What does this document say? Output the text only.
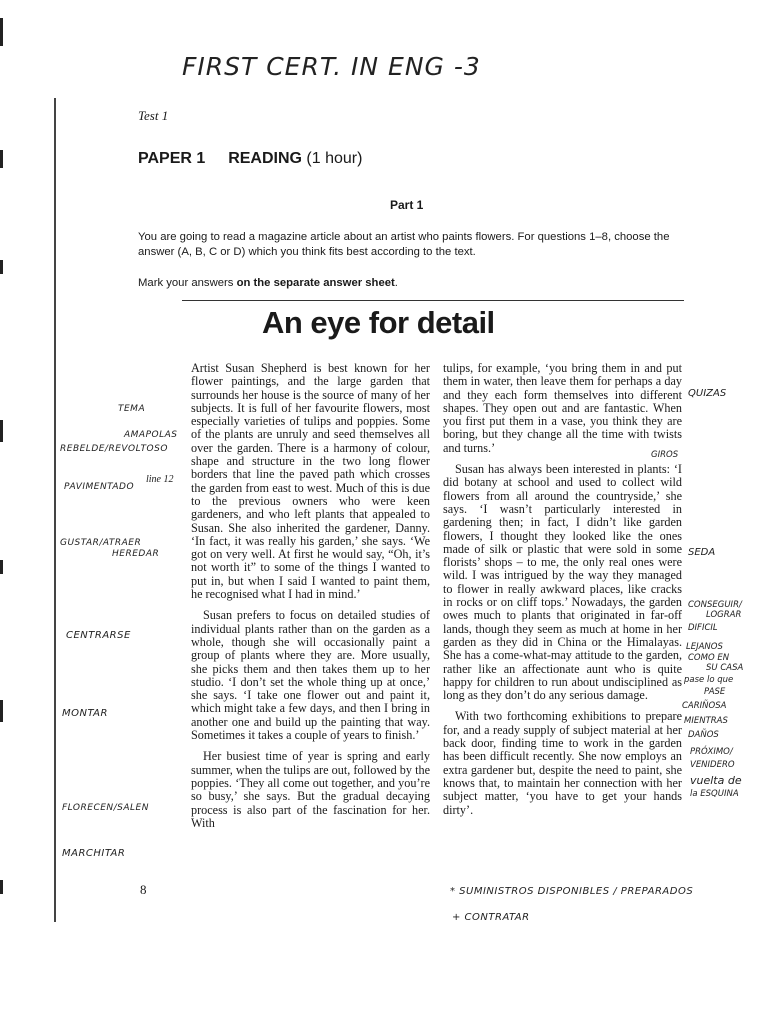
FIRST CERT. IN ENG -3
Test 1
PAPER 1 READING (1 hour)
Part 1
You are going to read a magazine article about an artist who paints flowers. For questions 1–8, choose the answer (A, B, C or D) which you think fits best according to the text.
Mark your answers on the separate answer sheet.
An eye for detail

Artist Susan Shepherd is best known for her flower paintings, and the large garden that surrounds her house is the source of many of her subjects. It is full of her favourite flowers, most especially varieties of tulips and poppies. Some of the plants are unruly and seed themselves all over the garden. There is a harmony of colour, shape and structure in the two long flower borders that line the paved path which crosses the garden from east to west. Much of this is due to the previous owners who were keen gardeners, and who left plants that appealed to Susan. She also inherited the gardener, Danny. ‘In fact, it was really his garden,’ she says. ‘We got on very well. At first he would say, “Oh, it’s not worth it” to some of the things I wanted to put in, but when I said I wanted to paint them, he recognised what I had in mind.’

Susan prefers to focus on detailed studies of individual plants rather than on the garden as a whole, though she will occasionally paint a group of plants where they are. More usually, she picks them and then takes them up to her studio. ‘I don’t set the whole thing up at once,’ she says. ‘I take one flower out and paint it, which might take a few days, and then I bring in another one and build up the painting that way. Sometimes it takes a couple of years to finish.’

Her busiest time of year is spring and early summer, when the tulips are out, followed by the poppies. ‘They all come out together, and you’re so busy,’ she says. But the gradual decaying process is also part of the fascination for her. With

tulips, for example, ‘you bring them in and put them in water, then leave them for perhaps a day and they each form themselves into different shapes. They open out and are fantastic. When you first put them in a vase, you think they are boring, but they change all the time with twists and turns.’

Susan has always been interested in plants: ‘I did botany at school and used to collect wild flowers from all around the countryside,’ she says. ‘I wasn’t particularly interested in gardening then; in fact, I didn’t like garden flowers, I thought they looked like the ones made of silk or plastic that were sold in some florists’ shops – to me, the only real ones were wild. I was intrigued by the way they managed to flower in really awkward places, like cracks in rocks or on cliff tops.’ Nowadays, the garden owes much to plants that originated in far-off lands, though they seem as much at home in her garden as they did in China or the Himalayas. She has a come-what-may attitude to the garden, rather like an affectionate aunt who is quite happy for children to run about undisciplined as long as they don’t do any serious damage.

With two forthcoming exhibitions to prepare for, and a ready supply of subject material at her back door, finding time to work in the garden has been difficult recently. She now employs an extra gardener but, despite the need to paint, she knows that, to maintain her connection with her subject matter, ‘you have to get your hands dirty’.

line 12
TEMA
AMAPOLAS
REBELDE/REVOLTOSO
PAVIMENTADO
GUSTAR/ATRAER
HEREDAR
CENTRARSE
MONTAR
FLORECEN/SALEN
MARCHITAR
QUIZAS
GIROS
SEDA
CONSEGUIR/
LOGRAR
DIFICIL
LEJANOS
COMO EN
SU CASA
pase lo que
PASE
CARIÑOSA
MIENTRAS
DAÑOS
PRÓXIMO/
VENIDERO
vuelta de
la ESQUINA
* SUMINISTROS DISPONIBLES / PREPARADOS
+ CONTRATAR
8
